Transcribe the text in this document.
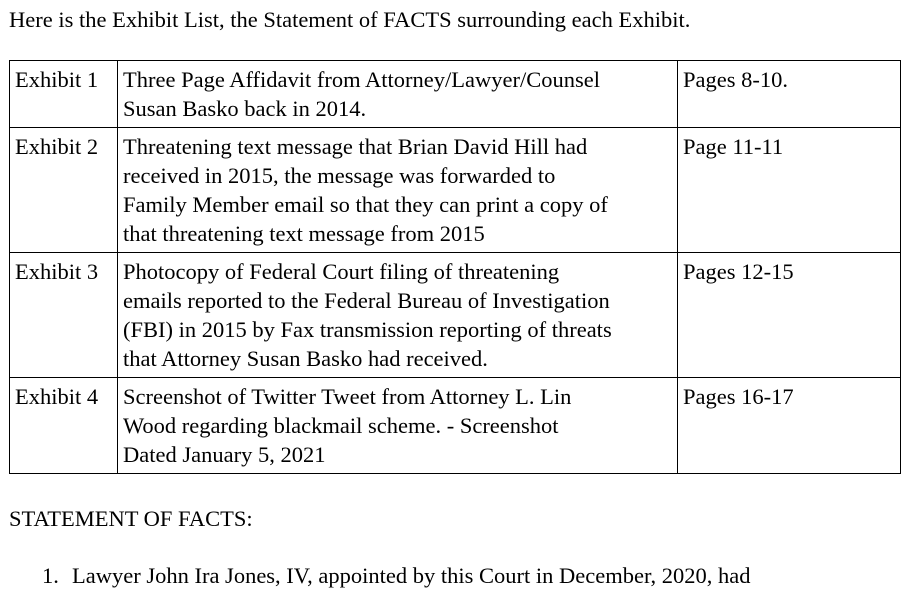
Here is the Exhibit List, the Statement of FACTS surrounding each Exhibit.
Exhibit 1	Three Page Affidavit from Attorney/Lawyer/Counsel
Susan Basko back in 2014.	Pages 8-10.
Exhibit 2	Threatening text message that Brian David Hill had
received in 2015, the message was forwarded to
Family Member email so that they can print a copy of
that threatening text message from 2015	Page 11-11
Exhibit 3	Photocopy of Federal Court filing of threatening
emails reported to the Federal Bureau of Investigation
(FBI) in 2015 by Fax transmission reporting of threats
that Attorney Susan Basko had received.	Pages 12-15
Exhibit 4	Screenshot of Twitter Tweet from Attorney L. Lin
Wood regarding blackmail scheme. - Screenshot
Dated January 5, 2021	Pages 16-17
STATEMENT OF FACTS:
1. Lawyer John Ira Jones, IV, appointed by this Court in December, 2020, had
